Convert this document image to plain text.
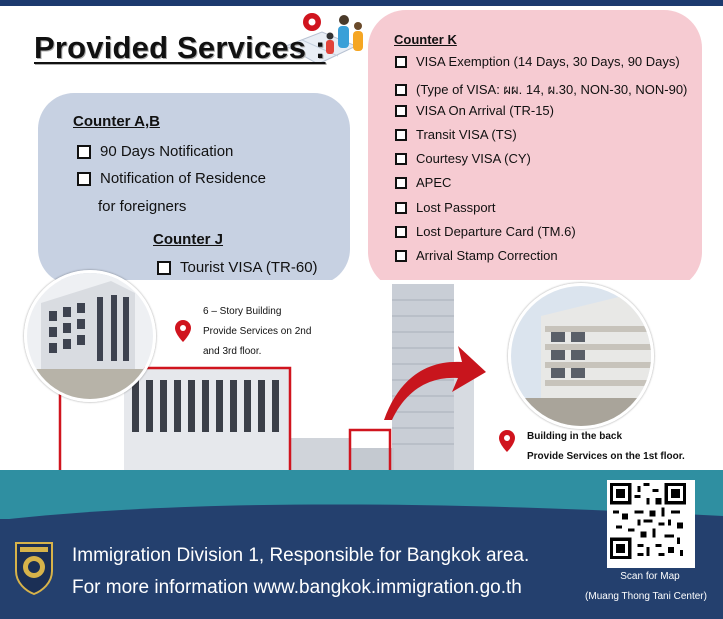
Provided Services :
Counter A,B
90 Days Notification
Notification of Residence
for foreigners
Counter J
Tourist VISA (TR-60)
Counter K
VISA Exemption (14 Days, 30 Days, 90 Days)
(Type of VISA: ผผ. 14, ผ.30, NON-30, NON-90)
VISA On Arrival (TR-15)
Transit VISA (TS)
Courtesy VISA (CY)
APEC
Lost Passport
Lost Departure Card (TM.6)
Arrival Stamp Correction
6 – Story Building
Provide Services on 2nd
and 3rd floor.
Building in the back
Provide Services on the 1st floor.
Immigration Division 1, Responsible for Bangkok area.
For more information www.bangkok.immigration.go.th
Scan for Map
(Muang Thong Tani Center)
